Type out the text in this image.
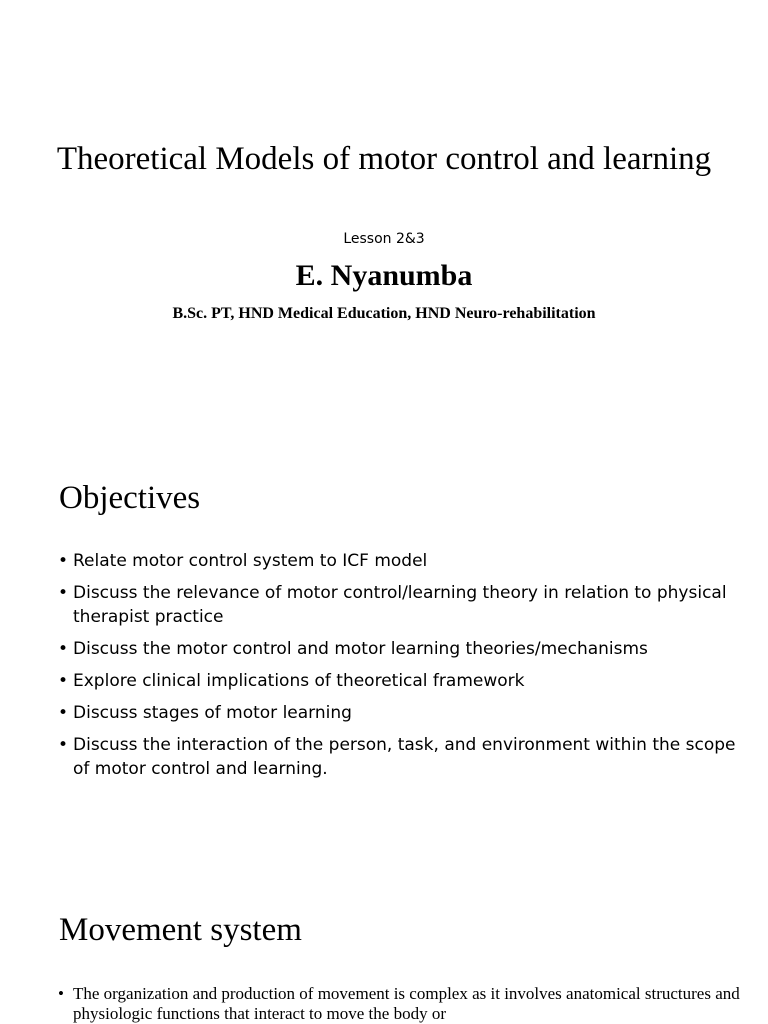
Theoretical Models of motor control and learning
Lesson 2&3
E. Nyanumba
B.Sc. PT, HND Medical Education, HND Neuro-rehabilitation
Objectives
• Relate motor control system to ICF model
• Discuss the relevance of motor control/learning theory in relation to physical therapist practice
• Discuss the motor control and motor learning theories/mechanisms
• Explore clinical implications of theoretical framework
• Discuss stages of motor learning
• Discuss the interaction of the person, task, and environment within the scope of motor control and learning.
Movement system
• The organization and production of movement is complex as it involves anatomical structures and physiologic functions that interact to move the body or
